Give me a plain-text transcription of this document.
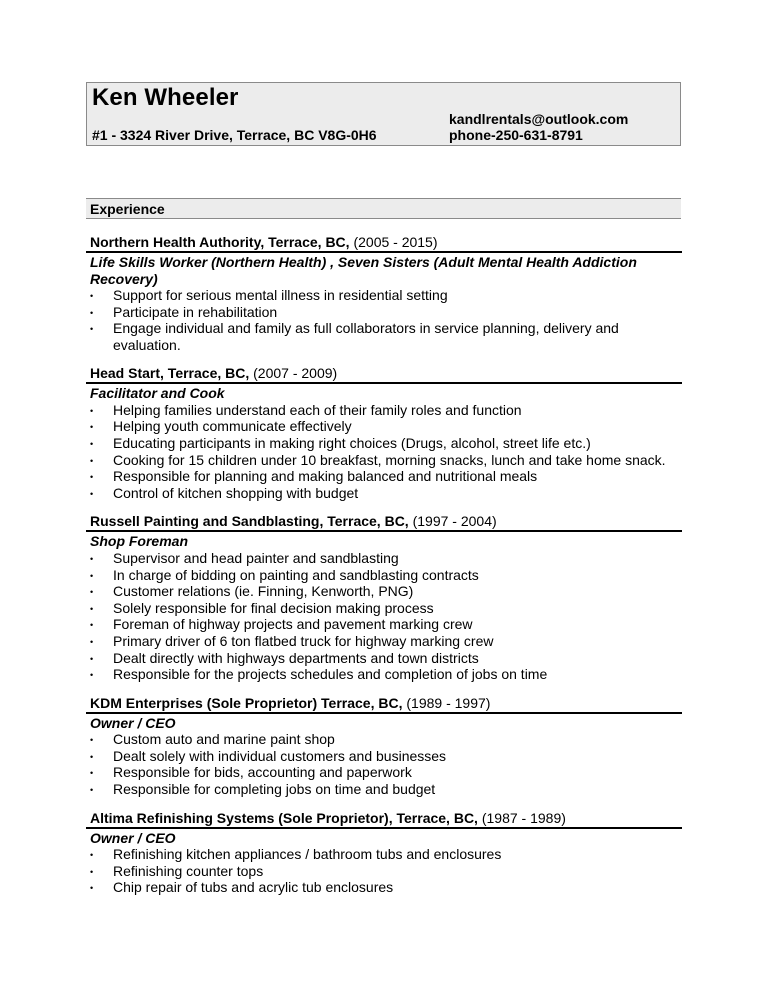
Ken Wheeler
kandlrentals@outlook.com
#1 - 3324 River Drive, Terrace, BC V8G-0H6	phone-250-631-8791
Experience
Northern Health Authority, Terrace, BC, (2005 - 2015)
Life Skills Worker (Northern Health) , Seven Sisters (Adult Mental Health Addiction Recovery)
• Support for serious mental illness in residential setting
• Participate in rehabilitation
• Engage individual and family as full collaborators in service planning, delivery and evaluation.
Head Start, Terrace, BC, (2007 - 2009)
Facilitator and Cook
• Helping families understand each of their family roles and function
• Helping youth communicate effectively
• Educating participants in making right choices (Drugs, alcohol, street life etc.)
• Cooking for 15 children under 10 breakfast, morning snacks, lunch and take home snack.
• Responsible for planning and making balanced and nutritional meals
• Control of kitchen shopping with budget
Russell Painting and Sandblasting, Terrace, BC, (1997 - 2004)
Shop Foreman
• Supervisor and head painter and sandblasting
• In charge of bidding on painting and sandblasting contracts
• Customer relations (ie. Finning, Kenworth, PNG)
• Solely responsible for final decision making process
• Foreman of highway projects and pavement marking crew
• Primary driver of 6 ton flatbed truck for highway marking crew
• Dealt directly with highways departments and town districts
• Responsible for the projects schedules and completion of jobs on time
KDM Enterprises (Sole Proprietor) Terrace, BC, (1989 - 1997)
Owner / CEO
• Custom auto and marine paint shop
• Dealt solely with individual customers and businesses
• Responsible for bids, accounting and paperwork
• Responsible for completing jobs on time and budget
Altima Refinishing Systems (Sole Proprietor), Terrace, BC, (1987 - 1989)
Owner / CEO
• Refinishing kitchen appliances / bathroom tubs and enclosures
• Refinishing counter tops
• Chip repair of tubs and acrylic tub enclosures
